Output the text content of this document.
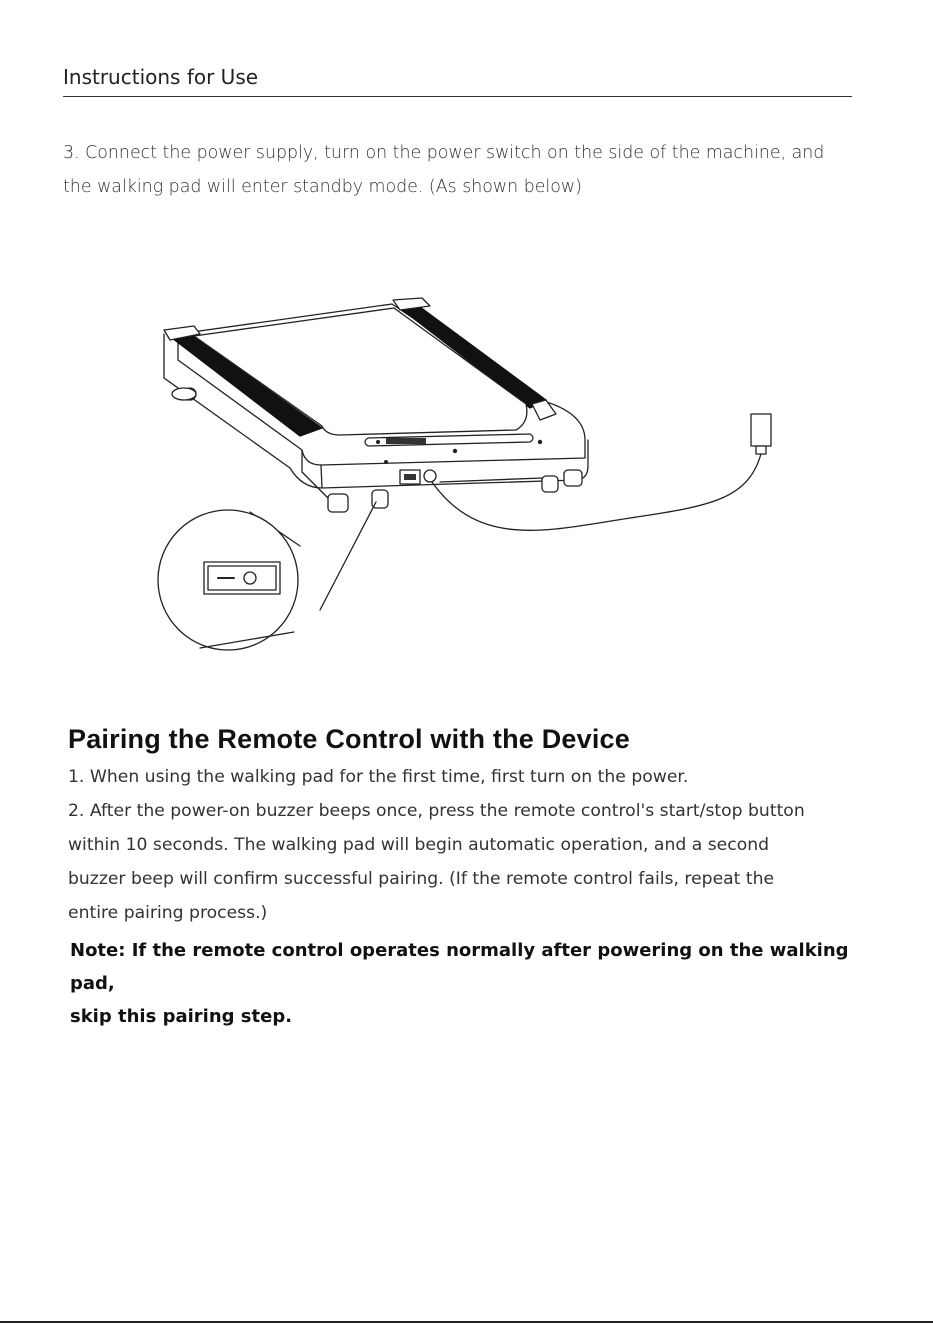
Instructions for Use

3. Connect the power supply, turn on the power switch on the side of the machine, and
the walking pad will enter standby mode. (As shown below)

Pairing the Remote Control with the Device

1. When using the walking pad for the first time, first turn on the power.

2. After the power-on buzzer beeps once, press the remote control's start/stop button

within 10 seconds. The walking pad will begin automatic operation, and a second

buzzer beep will confirm successful pairing. (If the remote control fails, repeat the

entire pairing process.)

Note: If the remote control operates normally after powering on the walking pad,
skip this pairing step.
